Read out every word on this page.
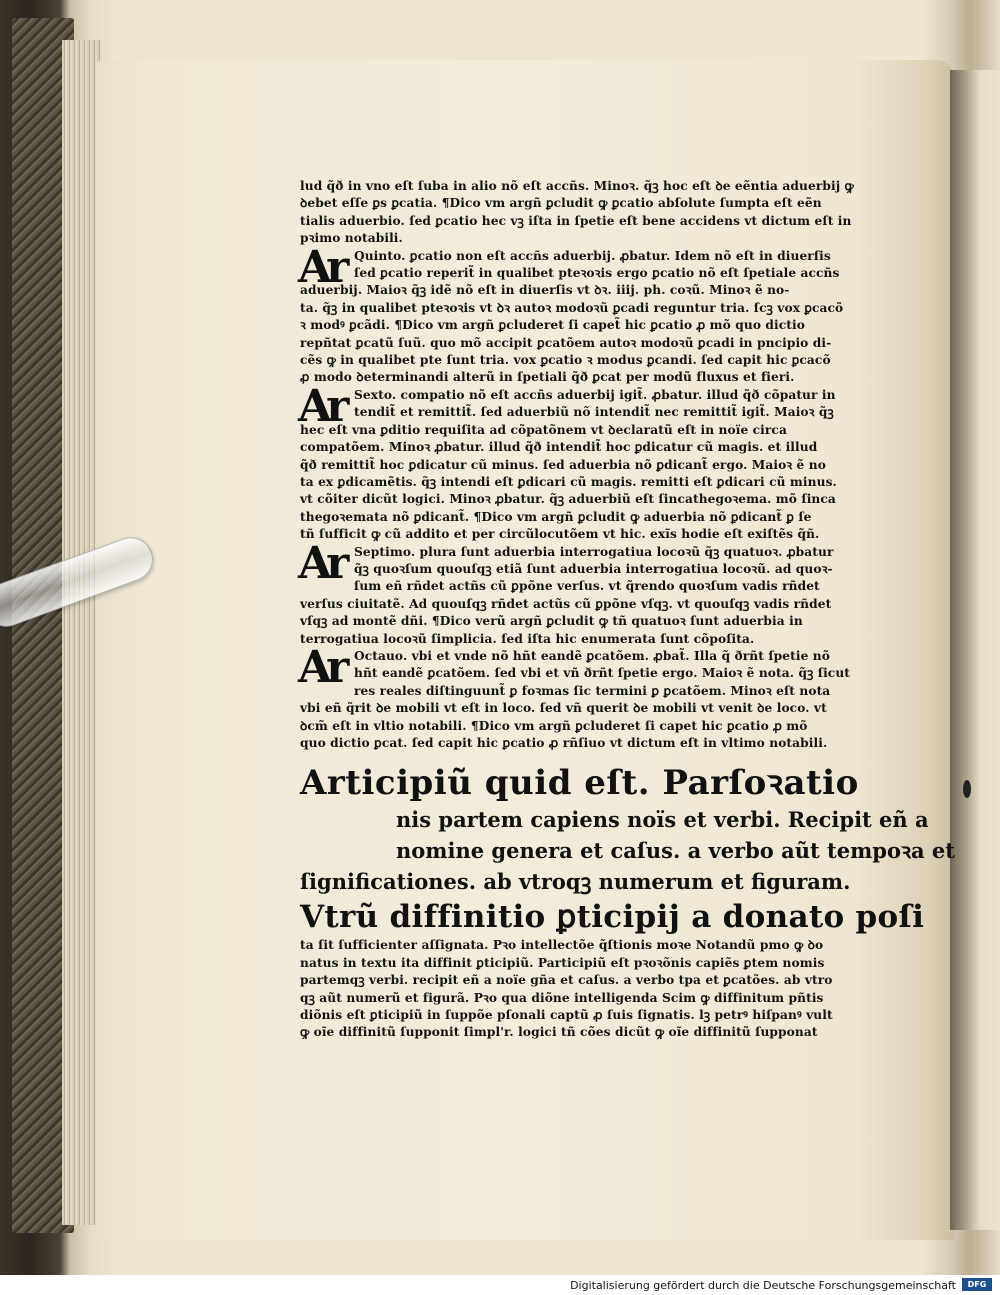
lud q̃ð in vno eſt ſuba in alio nõ eſt accñs. Minoꝛ. q̃ꝫ hoc eſt ꝺe eẽntia aduerbij ꝙ
ꝺebet eſſe ꝑs ꝑcatia. ¶Dico vm argñ ꝑcludit ꝙ ꝑcatio abſolute ſumpta eſt eẽn
tialis aduerbio. ſed ꝑcatio hec vꝫ iſta in ſpetie eſt bene accidens vt dictum eſt in
pꝛimo notabili.
Ar Quinto. ꝑcatio non eſt accñs aduerbij. ꝓbatur. Idem nõ eſt in diuerſis
ſed ꝑcatio reperit̃ in qualibet pteꝛoꝛis ergo ꝑcatio nõ eſt ſpetiale accñs
aduerbij. Maioꝛ q̃ꝫ idẽ nõ eſt in diuerſis vt ꝺꝛ. iiij. ph. coꝛũ. Minoꝛ ẽ no-
ta. q̃ꝫ in qualibet pteꝛoꝛis vt ꝺꝛ autoꝛ modoꝛũ ꝑcadi reguntur tria. ſcꝫ vox ꝑcacõ
ꝛ modꝰ ꝑcãdi. ¶Dico vm argñ ꝑcluderet ſi capet̃ hic ꝑcatio ꝓ mõ quo dictio
repñtat ꝑcatũ ſuũ. quo mõ accipit ꝑcatõem autoꝛ modoꝛũ ꝑcadi in pncipio di-
cẽs ꝙ in qualibet pte ſunt tria. vox ꝑcatio ꝛ modus ꝑcandi. ſed capit hic ꝑcacõ
ꝓ modo ꝺeterminandi alterũ in ſpetiali q̃ð ꝑcat per modũ fluxus et fieri.
Ar Sexto. compatio nõ eſt accñs aduerbij igit̃. ꝓbatur. illud q̃ð cõpatur in
tendit̃ et remittit̃. ſed aduerbiũ nõ intendit̃ nec remittit̃ igit̃. Maioꝛ q̃ꝫ
hec eſt vna ꝑditio requiſita ad cõpatõnem vt ꝺeclaratũ eſt in noïe circa
compatõem. Minoꝛ ꝓbatur. illud q̃ð intendit̃ hoc ꝑdicatur cũ magis. et illud
q̃ð remittit̃ hoc ꝑdicatur cũ minus. ſed aduerbia nõ ꝑdicant̃ ergo. Maioꝛ ẽ no
ta ex ꝑdicamẽtis. q̃ꝫ intendi eſt ꝑdicari cũ magis. remitti eſt ꝑdicari cũ minus.
vt cõiter dicũt logici. Minoꝛ ꝓbatur. q̃ꝫ aduerbiũ eſt ſincathegoꝛema. mõ ſinca
thegoꝛemata nõ ꝑdicant̃. ¶Dico vm argñ ꝑcludit ꝙ aduerbia nõ ꝑdicant̃ ꝑ ſe
tñ ſufficit ꝙ cũ addito et per circũlocutõem vt hic. exĩs hodie eſt exiſtẽs q̃ñ.
Ar Septimo. plura ſunt aduerbia interrogatiua locoꝛũ q̃ꝫ quatuoꝛ. ꝓbatur
q̃ꝫ quoꝛſum quouſqꝫ etiã ſunt aduerbia interrogatiua locoꝛũ. ad quoꝛ-
ſum eñ rñdet actñs cũ ꝑpõne verſus. vt q̃rendo quoꝛſum vadis rñdet
verſus ciuitatẽ. Ad quouſqꝫ rñdet actũs cũ ꝑpõne vſqꝫ. vt quouſqꝫ vadis rñdet
vſqꝫ ad montẽ dñi. ¶Dico verũ argñ ꝑcludit ꝙ tñ quatuoꝛ ſunt aduerbia in
terrogatiua locoꝛũ ſimplicia. ſed iſta hic enumerata ſunt cõpoſita.
Ar Octauo. vbi et vnde nõ hñt eandẽ ꝑcatõem. ꝓbat̃. Illa q̃ ðrñt ſpetie nõ
hñt eandẽ ꝑcatõem. ſed vbi et vñ ðrñt ſpetie ergo. Maioꝛ ẽ nota. q̃ꝫ ſicut
res reales diſtinguunt̃ ꝑ foꝛmas ſic termini ꝑ ꝑcatõem. Minoꝛ eſt nota
vbi eñ q̃rit ꝺe mobili vt eſt in loco. ſed vñ querit ꝺe mobili vt venit ꝺe loco. vt
ꝺcm̃ eſt in vltio notabili. ¶Dico vm argñ ꝑcluderet ſi capet hic ꝑcatio ꝓ mõ
quo dictio ꝑcat. ſed capit hic ꝑcatio ꝓ rñſiuo vt dictum eſt in vltimo notabili.
Articipiũ quid eſt. Parſoꝛatio
nis partem capiens noïs et verbi. Recipit eñ a
nomine genera et caſus. a verbo aũt tempoꝛa et
ſignificationes. ab vtroqꝫ numerum et figuram.
Vtrũ diffinitio ꝑticipij a donato poſi
ta ſit ſufficienter aſſignata. Pꝛo intellectõe q̃ſtionis moꝛe Notandũ pmo ꝙ ꝺo
natus in textu ita diffinit ꝑticipiũ. Participiũ eſt pꝛoꝛõnis capiẽs ꝑtem nomis
partemqꝫ verbi. recipit eñ a noïe gña et caſus. a verbo tpa et ꝑcatões. ab vtro
qꝫ aũt numerũ et figurã. Pꝛo qua diõne intelligenda Scim ꝙ diffinitum pñtis
diõnis eſt ꝑticipiũ in ſuppõe pſonali captũ ꝓ ſuis ſignatis. lꝫ petrꝰ hiſpanꝰ vult
ꝙ oĩe diffinitũ ſupponit ſimpl'r. logici tñ cões dicũt ꝙ oĩe diffinitũ ſupponat
Digitalisierung gefördert durch die Deutsche Forschungsgemeinschaft	DFG
